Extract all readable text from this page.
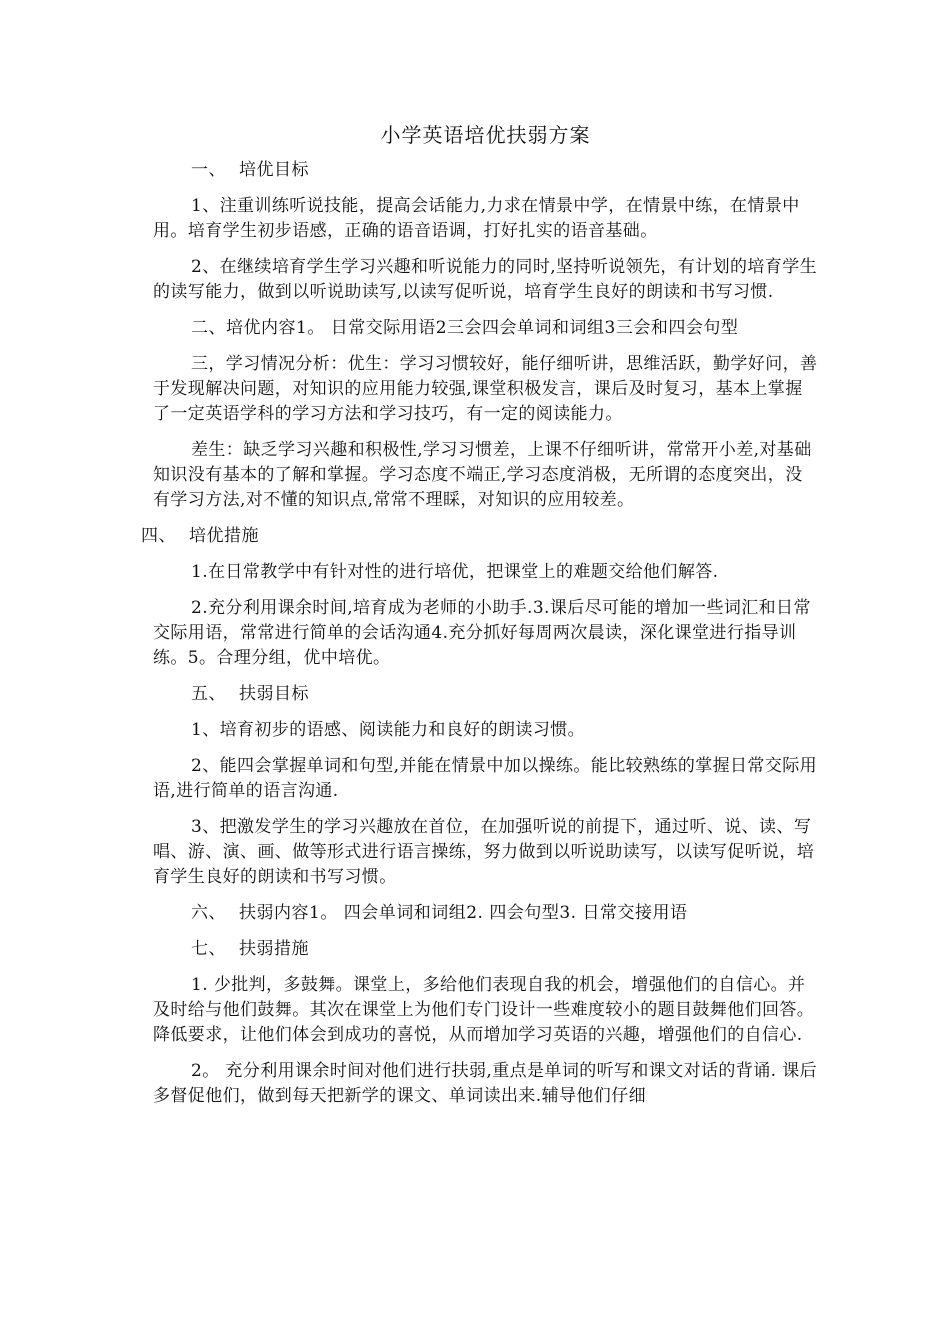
小学英语培优扶弱方案
一、 培优目标
1、注重训练听说技能，提高会话能力,力求在情景中学，在情景中练，在情景中用。培育学生初步语感，正确的语音语调，打好扎实的语音基础。
2、在继续培育学生学习兴趣和听说能力的同时,坚持听说领先，有计划的培育学生的读写能力，做到以听说助读写,以读写促听说，培育学生良好的朗读和书写习惯.
二、培优内容1。 日常交际用语2三会四会单词和词组3三会和四会句型
三，学习情况分析：优生：学习习惯较好，能仔细听讲，思维活跃，勤学好问，善于发现解决问题，对知识的应用能力较强,课堂积极发言，课后及时复习，基本上掌握了一定英语学科的学习方法和学习技巧，有一定的阅读能力。
差生：缺乏学习兴趣和积极性,学习习惯差，上课不仔细听讲，常常开小差,对基础知识没有基本的了解和掌握。学习态度不端正,学习态度消极，无所谓的态度突出，没有学习方法,对不懂的知识点,常常不理睬，对知识的应用较差。
四、 培优措施
1.在日常教学中有针对性的进行培优，把课堂上的难题交给他们解答.
2.充分利用课余时间,培育成为老师的小助手.3.课后尽可能的增加一些词汇和日常交际用语，常常进行简单的会话沟通4.充分抓好每周两次晨读，深化课堂进行指导训练。5。合理分组，优中培优。
五、 扶弱目标
1、培育初步的语感、阅读能力和良好的朗读习惯。
2、能四会掌握单词和句型,并能在情景中加以操练。能比较熟练的掌握日常交际用语,进行简单的语言沟通.
3、把激发学生的学习兴趣放在首位，在加强听说的前提下，通过听、说、读、写唱、游、演、画、做等形式进行语言操练，努力做到以听说助读写，以读写促听说，培育学生良好的朗读和书写习惯。
六、 扶弱内容1。 四会单词和词组2. 四会句型3. 日常交接用语
七、 扶弱措施
1. 少批判，多鼓舞。课堂上，多给他们表现自我的机会，增强他们的自信心。并及时给与他们鼓舞。其次在课堂上为他们专门设计一些难度较小的题目鼓舞他们回答。降低要求，让他们体会到成功的喜悦，从而增加学习英语的兴趣，增强他们的自信心.
2。 充分利用课余时间对他们进行扶弱,重点是单词的听写和课文对话的背诵. 课后多督促他们，做到每天把新学的课文、单词读出来.辅导他们仔细
